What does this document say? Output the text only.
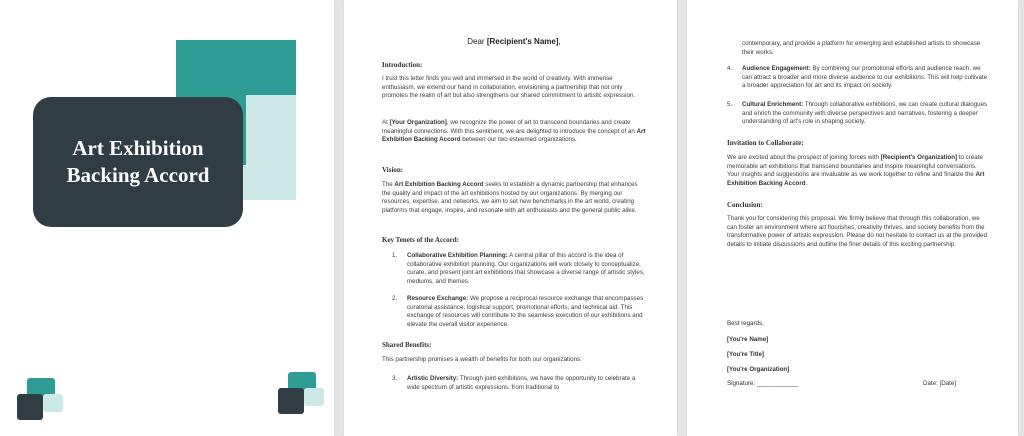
Art Exhibition
Backing Accord
Dear [Recipient's Name],
Introduction:
I trust this letter finds you well and immersed in the world of creativity. With immense enthusiasm, we extend our hand in collaboration, envisioning a partnership that not only promotes the realm of art but also strengthens our shared commitment to artistic expression.
At [Your Organization], we recognize the power of art to transcend boundaries and create meaningful connections. With this sentiment, we are delighted to introduce the concept of an Art Exhibition Backing Accord between our two esteemed organizations.
Vision:
The Art Exhibition Backing Accord seeks to establish a dynamic partnership that enhances the quality and impact of the art exhibitions hosted by our organizations. By merging our resources, expertise, and networks, we aim to set new benchmarks in the art world, creating platforms that engage, inspire, and resonate with art enthusiasts and the general public alike.
Key Tenets of the Accord:
1. Collaborative Exhibition Planning: A central pillar of this accord is the idea of collaborative exhibition planning. Our organizations will work closely to conceptualize, curate, and present joint art exhibitions that showcase a diverse range of artistic styles, mediums, and themes.
2. Resource Exchange: We propose a reciprocal resource exchange that encompasses curatorial assistance, logistical support, promotional efforts, and technical aid. This exchange of resources will contribute to the seamless execution of our exhibitions and elevate the overall visitor experience.
Shared Benefits:
This partnership promises a wealth of benefits for both our organizations:
3. Artistic Diversity: Through joint exhibitions, we have the opportunity to celebrate a wide spectrum of artistic expressions, from traditional to
contemporary, and provide a platform for emerging and established artists to showcase their works.
4. Audience Engagement: By combining our promotional efforts and audience reach, we can attract a broader and more diverse audience to our exhibitions. This will help cultivate a broader appreciation for art and its impact on society.
5. Cultural Enrichment: Through collaborative exhibitions, we can create cultural dialogues and enrich the community with diverse perspectives and narratives, fostering a deeper understanding of art's role in shaping society.
Invitation to Collaborate:
We are excited about the prospect of joining forces with [Recipient's Organization] to create memorable art exhibitions that transcend boundaries and inspire meaningful conversations. Your insights and suggestions are invaluable as we work together to refine and finalize the Art Exhibition Backing Accord.
Conclusion:
Thank you for considering this proposal. We firmly believe that through this collaboration, we can foster an environment where art flourishes, creativity thrives, and society benefits from the transformative power of artistic expression. Please do not hesitate to contact us at the provided details to initiate discussions and outline the finer details of this exciting partnership.
Best regards,
[You're Name]
[You're Title]
[You're Organization]
Signature: ____________	Date: [Date]
